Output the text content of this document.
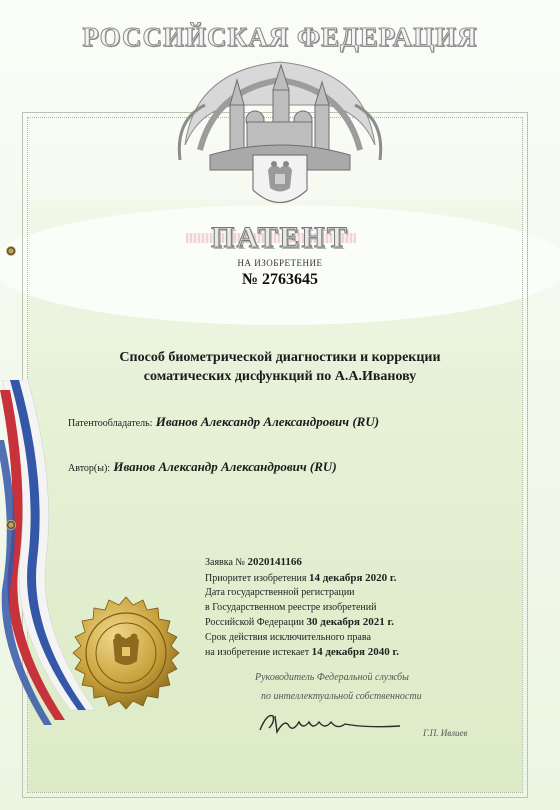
РОССИЙСКАЯ ФЕДЕРАЦИЯ
ПАТЕНТ
НА ИЗОБРЕТЕНИЕ
№ 2763645
Способ биометрической диагностики и коррекции
соматических дисфункций по А.А.Иванову
Патентообладатель: Иванов Александр Александрович (RU)
Автор(ы): Иванов Александр Александрович (RU)
Заявка № 2020141166
Приоритет изобретения 14 декабря 2020 г.
Дата государственной регистрации
в Государственном реестре изобретений
Российской Федерации 30 декабря 2021 г.
Срок действия исключительного права
на изобретение истекает 14 декабря 2040 г.
Руководитель Федеральной службы
по интеллектуальной собственности
Г.П. Ивлиев
